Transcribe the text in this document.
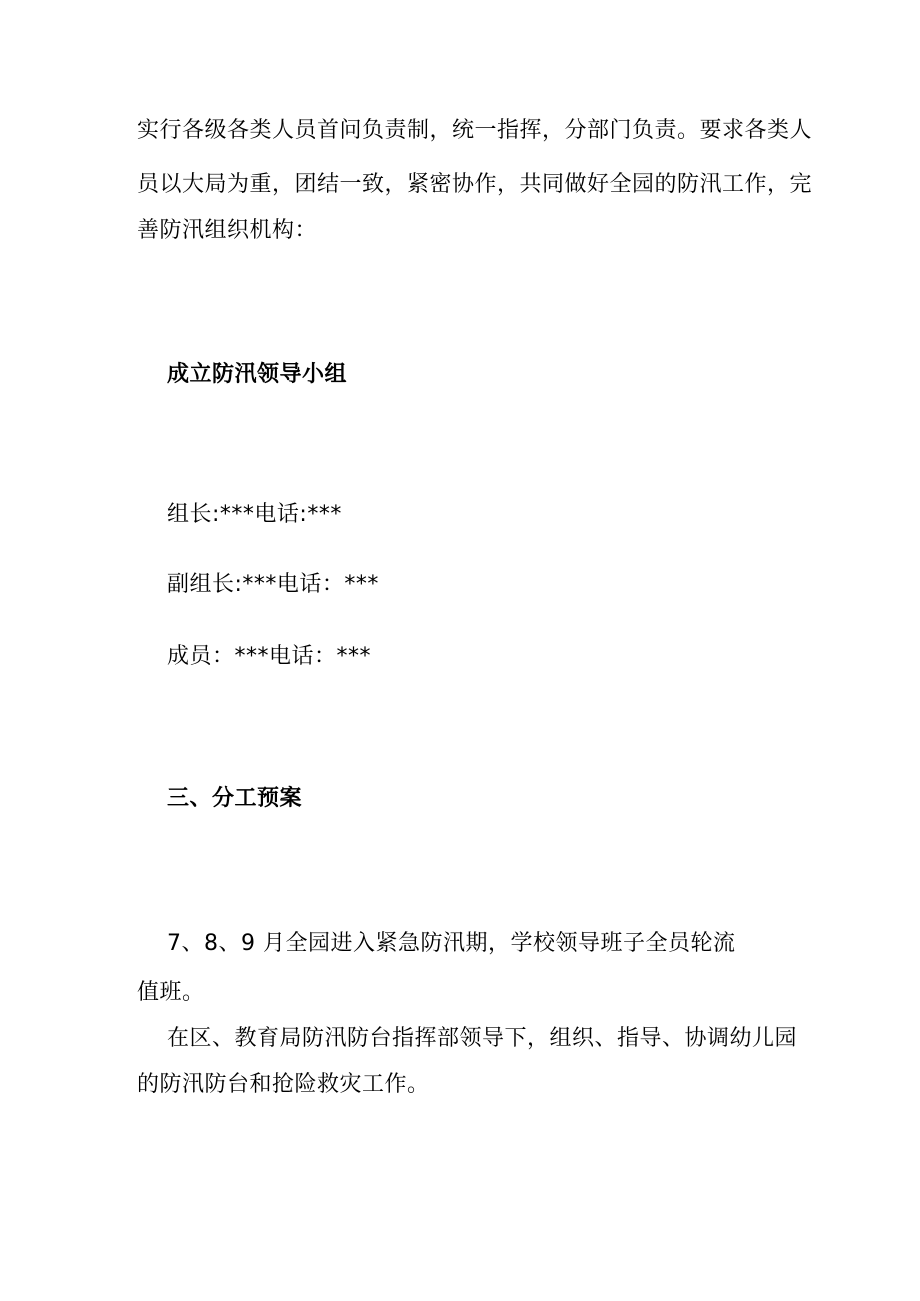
实行各级各类人员首问负责制，统一指挥，分部门负责。要求各类人
员以大局为重，团结一致，紧密协作，共同做好全园的防汛工作，完
善防汛组织机构：
成立防汛领导小组
组长:***电话:***
副组长:***电话：***
成员：***电话：***
三、分工预案
7、8、9 月全园进入紧急防汛期，学校领导班子全员轮流
值班。
在区、教育局防汛防台指挥部领导下，组织、指导、协调幼儿园
的防汛防台和抢险救灾工作。
